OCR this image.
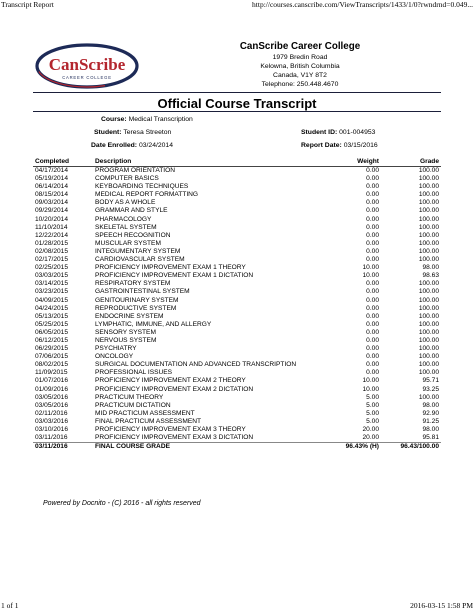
Transcript Report	http://courses.canscribe.com/ViewTranscripts/1433/1/0?rwndrnd=0.049...
CanScribe
CAREER COLLEGE
CanScribe Career College
1979 Bredin Road
Kelowna, British Columbia
Canada, V1Y 8T2
Telephone: 250.448.4670
Official Course Transcript
Course: Medical Transcription
Student: Teresa Streeton	Student ID: 001-004953
Date Enrolled: 03/24/2014	Report Date: 03/15/2016
Completed	Description	Weight	Grade
04/17/2014	PROGRAM ORIENTATION	0.00	100.00
05/19/2014	COMPUTER BASICS	0.00	100.00
06/14/2014	KEYBOARDING TECHNIQUES	0.00	100.00
08/15/2014	MEDICAL REPORT FORMATTING	0.00	100.00
09/03/2014	BODY AS A WHOLE	0.00	100.00
09/29/2014	GRAMMAR AND STYLE	0.00	100.00
10/20/2014	PHARMACOLOGY	0.00	100.00
11/10/2014	SKELETAL SYSTEM	0.00	100.00
12/22/2014	SPEECH RECOGNITION	0.00	100.00
01/28/2015	MUSCULAR SYSTEM	0.00	100.00
02/08/2015	INTEGUMENTARY SYSTEM	0.00	100.00
02/17/2015	CARDIOVASCULAR SYSTEM	0.00	100.00
02/25/2015	PROFICIENCY IMPROVEMENT EXAM 1 THEORY	10.00	98.00
03/03/2015	PROFICIENCY IMPROVEMENT EXAM 1 DICTATION	10.00	98.63
03/14/2015	RESPIRATORY SYSTEM	0.00	100.00
03/23/2015	GASTROINTESTINAL SYSTEM	0.00	100.00
04/09/2015	GENITOURINARY SYSTEM	0.00	100.00
04/24/2015	REPRODUCTIVE SYSTEM	0.00	100.00
05/13/2015	ENDOCRINE SYSTEM	0.00	100.00
05/25/2015	LYMPHATIC, IMMUNE, AND ALLERGY	0.00	100.00
06/05/2015	SENSORY SYSTEM	0.00	100.00
06/12/2015	NERVOUS SYSTEM	0.00	100.00
06/29/2015	PSYCHIATRY	0.00	100.00
07/06/2015	ONCOLOGY	0.00	100.00
08/02/2015	SURGICAL DOCUMENTATION AND ADVANCED TRANSCRIPTION	0.00	100.00
11/09/2015	PROFESSIONAL ISSUES	0.00	100.00
01/07/2016	PROFICIENCY IMPROVEMENT EXAM 2 THEORY	10.00	95.71
01/09/2016	PROFICIENCY IMPROVEMENT EXAM 2 DICTATION	10.00	93.25
03/05/2016	PRACTICUM THEORY	5.00	100.00
03/05/2016	PRACTICUM DICTATION	5.00	98.00
02/11/2016	MID PRACTICUM ASSESSMENT	5.00	92.90
03/03/2016	FINAL PRACTICUM ASSESSMENT	5.00	91.25
03/10/2016	PROFICIENCY IMPROVEMENT EXAM 3 THEORY	20.00	98.00
03/11/2016	PROFICIENCY IMPROVEMENT EXAM 3 DICTATION	20.00	95.81
03/11/2016	FINAL COURSE GRADE	96.43% (H)	96.43/100.00
Powered by Docnito - (C) 2016 - all rights reserved
1 of 1	2016-03-15 1:58 PM
